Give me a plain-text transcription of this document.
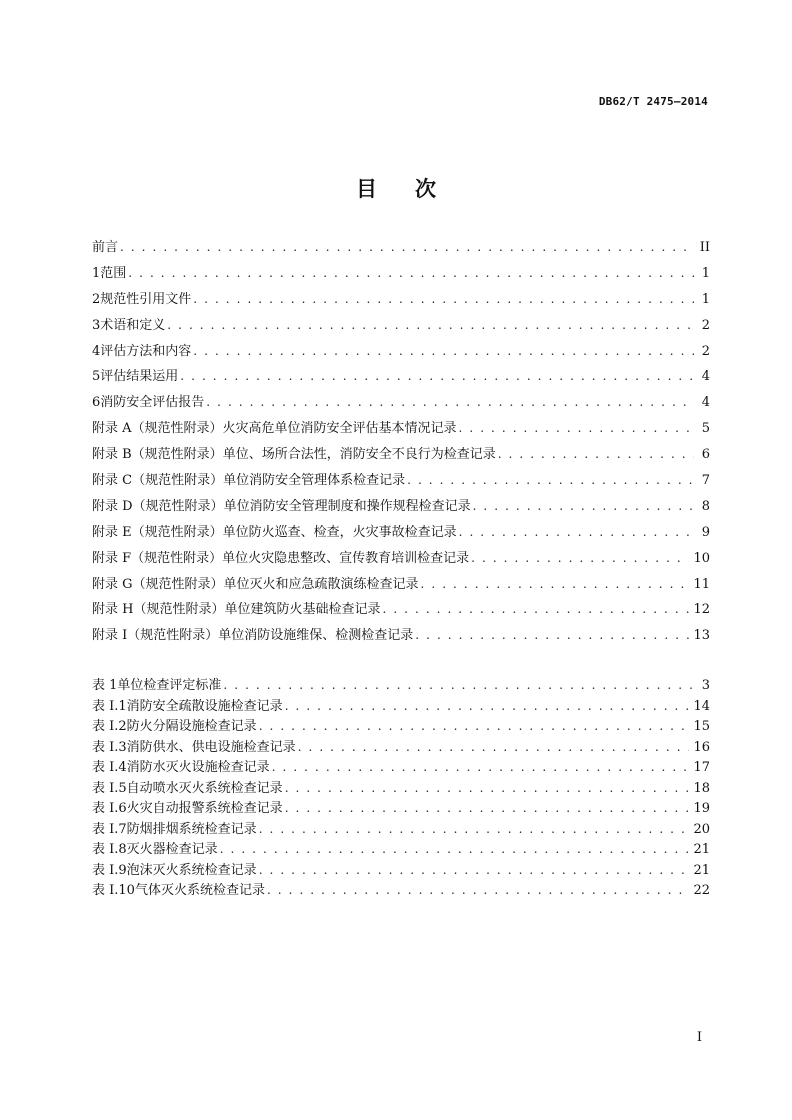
DB62/T 2475—2014
目 次
前言 . . .	II
1 范围 . . .	1
2 规范性引用文件 . . .	1
3 术语和定义 . . .	2
4 评估方法和内容 . . .	2
5 评估结果运用 . . .	4
6 消防安全评估报告 . . .	4
附录 A（规范性附录） 火灾高危单位消防安全评估基本情况记录 . . .	5
附录 B（规范性附录） 单位、场所合法性，消防安全不良行为检查记录 . . .	6
附录 C（规范性附录） 单位消防安全管理体系检查记录 . . .	7
附录 D（规范性附录） 单位消防安全管理制度和操作规程检查记录 . . .	8
附录 E（规范性附录） 单位防火巡查、检查，火灾事故检查记录 . . .	9
附录 F（规范性附录） 单位火灾隐患整改、宣传教育培训检查记录 . . .	10
附录 G（规范性附录） 单位灭火和应急疏散演练检查记录 . . .	11
附录 H（规范性附录） 单位建筑防火基础检查记录 . . .	12
附录 I（规范性附录） 单位消防设施维保、检测检查记录 . . .	13
表 1 单位检查评定标准 . . .	3
表 I.1 消防安全疏散设施检查记录 . . .	14
表 I.2 防火分隔设施检查记录 . . .	15
表 I.3 消防供水、供电设施检查记录 . . .	16
表 I.4 消防水灭火设施检查记录 . . .	17
表 I.5 自动喷水灭火系统检查记录 . . .	18
表 I.6 火灾自动报警系统检查记录 . . .	19
表 I.7 防烟排烟系统检查记录 . . .	20
表 I.8 灭火器检查记录 . . .	21
表 I.9 泡沫灭火系统检查记录 . . .	21
表 I.10 气体灭火系统检查记录 . . .	22
I
